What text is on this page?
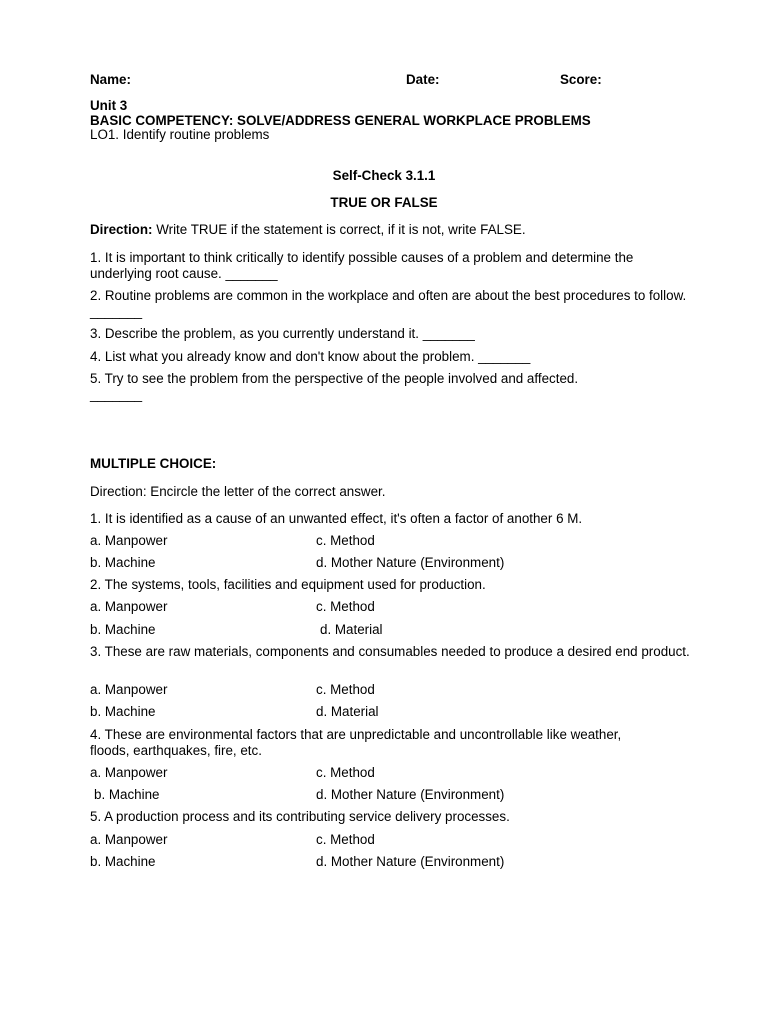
Name:	Date:	Score:
Unit 3
BASIC COMPETENCY: SOLVE/ADDRESS GENERAL WORKPLACE PROBLEMS
LO1. Identify routine problems
Self-Check 3.1.1
TRUE OR FALSE
Direction: Write TRUE if the statement is correct, if it is not, write FALSE.
1. It is important to think critically to identify possible causes of a problem and determine the underlying root cause. _______
2. Routine problems are common in the workplace and often are about the best procedures to follow. _______
3. Describe the problem, as you currently understand it. _______
4. List what you already know and don't know about the problem. _______
5. Try to see the problem from the perspective of the people involved and affected.
_______
MULTIPLE CHOICE:
Direction: Encircle the letter of the correct answer.
1. It is identified as a cause of an unwanted effect, it's often a factor of another 6 M.
a. Manpower	c. Method
b. Machine	d. Mother Nature (Environment)
2. The systems, tools, facilities and equipment used for production.
a. Manpower	c. Method
b. Machine	d. Material
3. These are raw materials, components and consumables needed to produce a desired end product.
a. Manpower	c. Method
b. Machine	d. Material
4. These are environmental factors that are unpredictable and uncontrollable like weather, floods, earthquakes, fire, etc.
a. Manpower	c. Method
b. Machine	d. Mother Nature (Environment)
5. A production process and its contributing service delivery processes.
a. Manpower	c. Method
b. Machine	d. Mother Nature (Environment)
